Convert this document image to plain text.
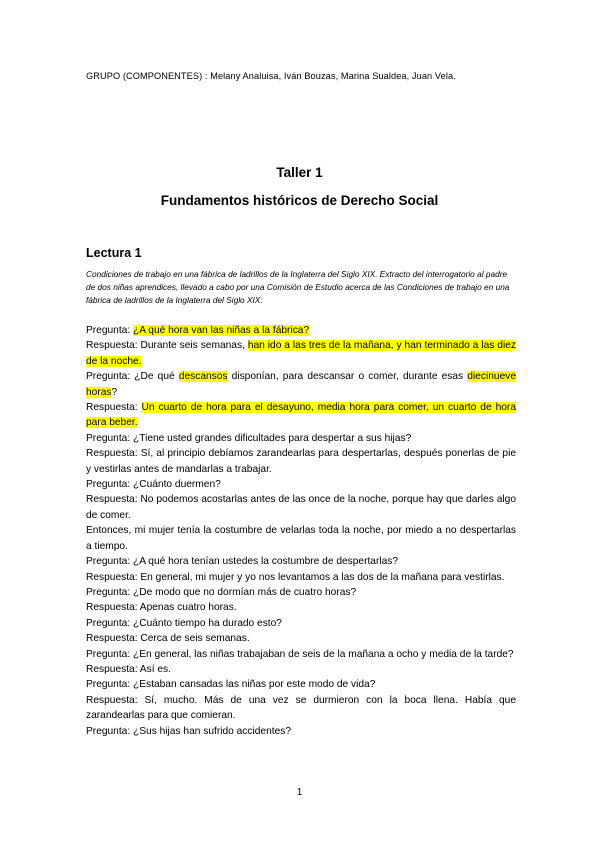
GRUPO (COMPONENTES) : Melany Analuisa, Iván Bouzas, Marina Sualdea, Juan Vela.
Taller 1
Fundamentos históricos de Derecho Social
Lectura 1
Condiciones de trabajo en una fábrica de ladrillos de la Inglaterra del Siglo XIX. Extracto del interrogatorio al padre de dos niñas aprendices, llevado a cabo por una Comisión de Estudio acerca de las Condiciones de trabajo en una fábrica de ladrillos de la Inglaterra del Siglo XIX:
Pregunta: ¿A qué hora van las niñas a la fábrica?
Respuesta: Durante seis semanas, han ido a las tres de la mañana, y han terminado a las diez de la noche.
Pregunta: ¿De qué descansos disponían, para descansar o comer, durante esas diecinueve horas?
Respuesta: Un cuarto de hora para el desayuno, media hora para comer, un cuarto de hora para beber.
Pregunta: ¿Tiene usted grandes dificultades para despertar a sus hijas?
Respuesta: Sí, al principio debíamos zarandearlas para despertarlas, después ponerlas de pie y vestirlas antes de mandarlas a trabajar.
Pregunta: ¿Cuánto duermen?
Respuesta: No podemos acostarlas antes de las once de la noche, porque hay que darles algo de comer.
Entonces, mi mujer tenía la costumbre de velarlas toda la noche, por miedo a no despertarlas a tiempo.
Pregunta: ¿A qué hora tenían ustedes la costumbre de despertarlas?
Respuesta: En general, mi mujer y yo nos levantamos a las dos de la mañana para vestirlas.
Pregunta: ¿De modo que no dormían más de cuatro horas?
Respuesta: Apenas cuatro horas.
Pregunta: ¿Cuánto tiempo ha durado esto?
Respuesta: Cerca de seis semanas.
Pregunta: ¿En general, las niñas trabajaban de seis de la mañana a ocho y media de la tarde?
Respuesta: Así es.
Pregunta: ¿Estaban cansadas las niñas por este modo de vida?
Respuesta: Sí, mucho. Más de una vez se durmieron con la boca llena. Había que zarandearlas para que comieran.
Pregunta: ¿Sus hijas han sufrido accidentes?
1
